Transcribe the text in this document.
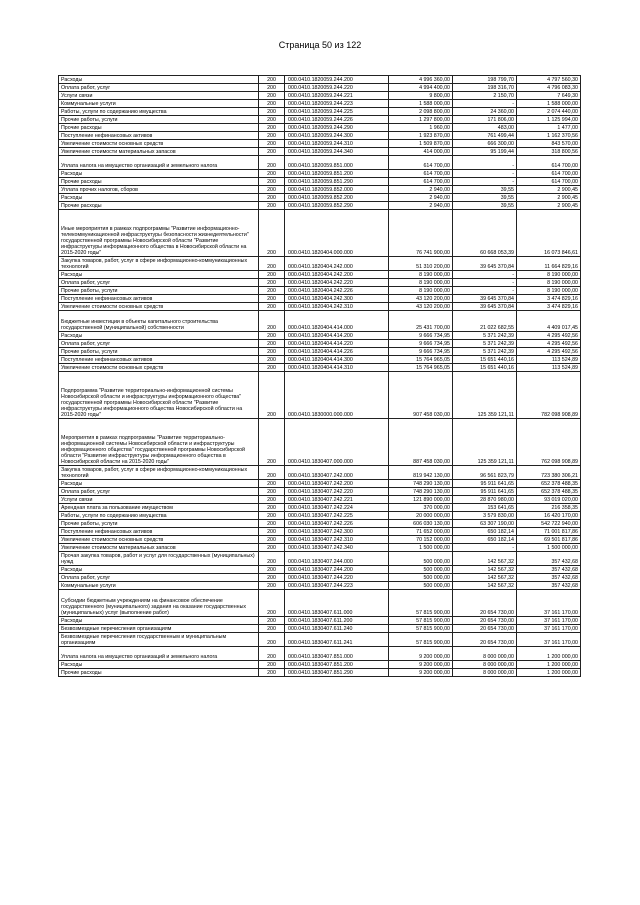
Страница 50 из 122
Расходы	200	000.0410.1820059.244.200	4 996 360,00	198 799,70	4 797 560,30
Оплата работ, услуг	200	000.0410.1820059.244.220	4 994 400,00	198 316,70	4 796 083,30
Услуги связи	200	000.0410.1820059.244.221	9 800,00	2 150,70	7 649,30
Коммунальные услуги	200	000.0410.1820059.244.223	1 588 000,00	-	1 588 000,00
Работы, услуги по содержанию имущества	200	000.0410.1820059.244.225	2 098 800,00	24 360,00	2 074 440,00
Прочие работы, услуги	200	000.0410.1820059.244.226	1 297 800,00	171 806,00	1 125 994,00
Прочие расходы	200	000.0410.1820059.244.290	1 960,00	483,00	1 477,00
Поступление нефинансовых активов	200	000.0410.1820059.244.300	1 923 870,00	761 499,44	1 162 370,56
Увеличение стоимости основных средств	200	000.0410.1820059.244.310	1 509 870,00	666 300,00	843 570,00
Увеличение стоимости материальных запасов	200	000.0410.1820059.244.340	414 000,00	95 199,44	318 800,56
Уплата налога на имущество организаций и земельного налога	200	000.0410.1820059.851.000	614 700,00	-	614 700,00
Расходы	200	000.0410.1820059.851.200	614 700,00	-	614 700,00
Прочие расходы	200	000.0410.1820059.851.290	614 700,00	-	614 700,00
Уплата прочих налогов, сборов	200	000.0410.1820059.852.000	2 940,00	39,55	2 900,45
Расходы	200	000.0410.1820059.852.200	2 940,00	39,55	2 900,45
Прочие расходы	200	000.0410.1820059.852.290	2 940,00	39,55	2 900,45
Иные мероприятия в рамках подпрограммы "Развитие информационно-телекоммуникационной инфраструктуры безопасности жизнедеятельности" государственной программы Новосибирской области "Развитие инфраструктуры информационного общества в Новосибирской области на 2015-2020 годы"	200	000.0410.1820404.000.000	76 741 900,00	60 668 053,39	16 073 846,61
Закупка товаров, работ, услуг в сфере информационно-коммуникационных технологий	200	000.0410.1820404.242.000	51 310 200,00	39 645 370,84	11 664 829,16
Расходы	200	000.0410.1820404.242.200	8 190 000,00	-	8 190 000,00
Оплата работ, услуг	200	000.0410.1820404.242.220	8 190 000,00	-	8 190 000,00
Прочие работы, услуги	200	000.0410.1820404.242.226	8 190 000,00	-	8 190 000,00
Поступление нефинансовых активов	200	000.0410.1820404.242.300	43 120 200,00	39 645 370,84	3 474 829,16
Увеличение стоимости основных средств	200	000.0410.1820404.242.310	43 120 200,00	39 645 370,84	3 474 829,16
Бюджетные инвестиции в объекты капитального строительства государственной (муниципальной) собственности	200	000.0410.1820404.414.000	25 431 700,00	21 022 682,55	4 409 017,45
Расходы	200	000.0410.1820404.414.200	9 666 734,95	5 371 242,39	4 295 492,56
Оплата работ, услуг	200	000.0410.1820404.414.220	9 666 734,95	5 371 242,39	4 295 492,56
Прочие работы, услуги	200	000.0410.1820404.414.226	9 666 734,95	5 371 242,39	4 295 492,56
Поступление нефинансовых активов	200	000.0410.1820404.414.300	15 764 965,05	15 651 440,16	113 524,89
Увеличение стоимости основных средств	200	000.0410.1820404.414.310	15 764 965,05	15 651 440,16	113 524,89
Подпрограмма "Развитие территориально-информационной системы Новосибирской области и инфраструктуры информационного общества" государственной программы Новосибирской области "Развитие инфраструктуры информационного общества Новосибирской области на 2015-2020 годы"	200	000.0410.1830000.000.000	907 458 030,00	125 359 121,11	782 098 908,89
Мероприятия в рамках подпрограммы "Развитие территориально-информационной системы Новосибирской области и инфраструктуры информационного общества" государственной программы Новосибирской области "Развитие инфраструктуры информационного общества в Новосибирской области на 2015-2020 годы"	200	000.0410.1830407.000.000	887 458 030,00	125 359 121,11	762 098 908,89
Закупка товаров, работ, услуг в сфере информационно-коммуникационных технологий	200	000.0410.1830407.242.000	819 942 130,00	96 561 823,79	723 380 306,21
Расходы	200	000.0410.1830407.242.200	748 290 130,00	95 911 641,65	652 378 488,35
Оплата работ, услуг	200	000.0410.1830407.242.220	748 290 130,00	95 911 641,65	652 378 488,35
Услуги связи	200	000.0410.1830407.242.221	121 890 000,00	28 870 980,00	93 019 020,00
Арендная плата за пользование имуществом	200	000.0410.1830407.242.224	370 000,00	153 641,65	216 358,35
Работы, услуги по содержанию имущества	200	000.0410.1830407.242.225	20 000 000,00	3 579 830,00	16 420 170,00
Прочие работы, услуги	200	000.0410.1830407.242.226	606 030 130,00	63 307 190,00	542 722 940,00
Поступление нефинансовых активов	200	000.0410.1830407.242.300	71 652 000,00	650 182,14	71 001 817,86
Увеличение стоимости основных средств	200	000.0410.1830407.242.310	70 152 000,00	650 182,14	69 501 817,86
Увеличение стоимости материальных запасов	200	000.0410.1830407.242.340	1 500 000,00	-	1 500 000,00
Прочая закупка товаров, работ и услуг для государственных (муниципальных) нужд	200	000.0410.1830407.244.000	500 000,00	142 567,32	357 432,68
Расходы	200	000.0410.1830407.244.200	500 000,00	142 567,32	357 432,68
Оплата работ, услуг	200	000.0410.1830407.244.220	500 000,00	142 567,32	357 432,68
Коммунальные услуги	200	000.0410.1830407.244.223	500 000,00	142 567,32	357 432,68
Субсидии бюджетным учреждениям на финансовое обеспечение государственного (муниципального) задания на оказание государственных (муниципальных) услуг (выполнение работ)	200	000.0410.1830407.611.000	57 815 900,00	20 654 730,00	37 161 170,00
Расходы	200	000.0410.1830407.611.200	57 815 900,00	20 654 730,00	37 161 170,00
Безвозмездные перечисления организациям	200	000.0410.1830407.611.240	57 815 900,00	20 654 730,00	37 161 170,00
Безвозмездные перечисления государственным и муниципальным организациям	200	000.0410.1830407.611.241	57 815 900,00	20 654 730,00	37 161 170,00
Уплата налога на имущество организаций и земельного налога	200	000.0410.1830407.851.000	9 200 000,00	8 000 000,00	1 200 000,00
Расходы	200	000.0410.1830407.851.200	9 200 000,00	8 000 000,00	1 200 000,00
Прочие расходы	200	000.0410.1830407.851.290	9 200 000,00	8 000 000,00	1 200 000,00
